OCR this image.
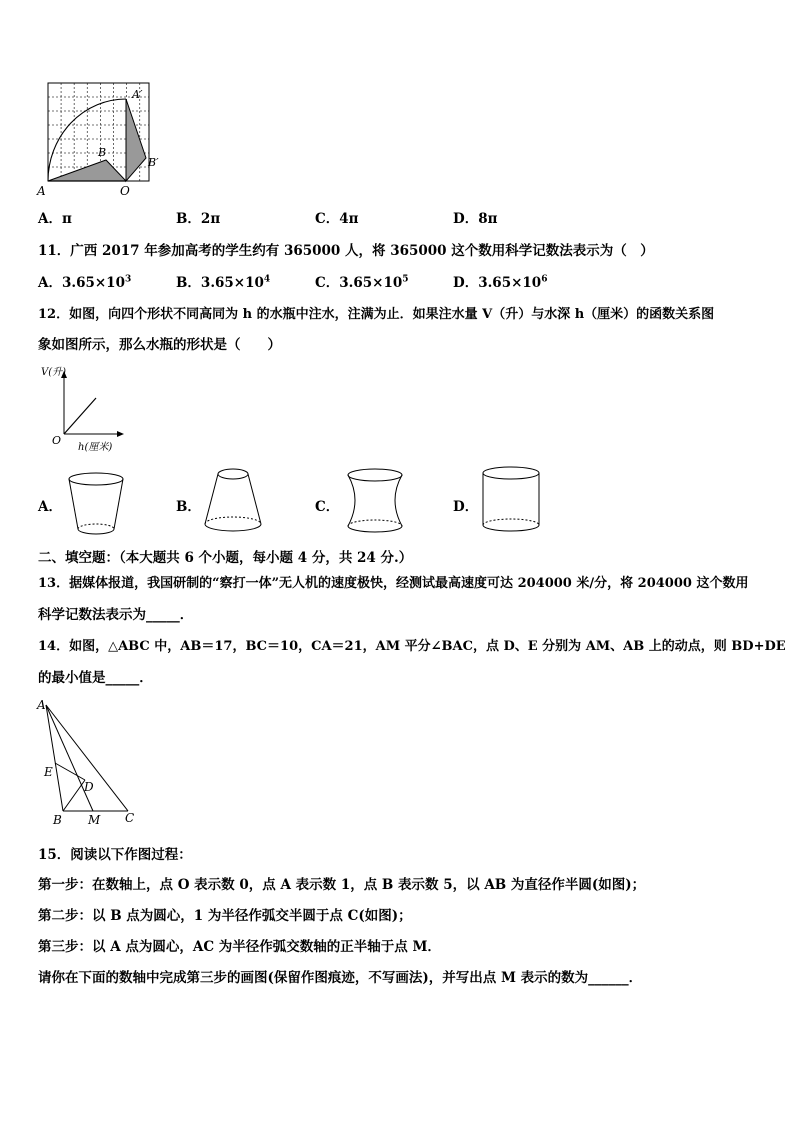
A	O
B
A′
B′
A．π	B．2π	C．4π	D．8π
11．广西 2017 年参加高考的学生约有 365000 人，将 365000 这个数用科学记数法表示为（　）
A．$3.65\times 10^3$	B．$3.65\times 10^4$	C．$3.65\times 10^5$	D．$3.65\times 10^6$
12．如图，向四个形状不同高同为 h 的水瓶中注水，注满为止．如果注水量 V（升）与水深 h（厘米）的函数关系图
象如图所示，那么水瓶的形状是（　　）
V(升)
O
h(厘米)
A．	B．	C．	D．
二、填空题：（本大题共 6 个小题，每小题 4 分，共 24 分.）
13．据媒体报道，我国研制的“察打一体”无人机的速度极快，经测试最高速度可达 204000 米/分，将 204000 这个数用
科学记数法表示为_____．
14．如图，△ABC 中，AB＝17，BC＝10，CA＝21，AM 平分∠BAC，点 D、E 分别为 AM、AB 上的动点，则 BD+DE
的最小值是_____．
A
E
D
B M C
15．阅读以下作图过程：
第一步：在数轴上，点 O 表示数 0，点 A 表示数 1，点 B 表示数 5，以 AB 为直径作半圆(如图)；
第二步：以 B 点为圆心，1 为半径作弧交半圆于点 C(如图)；
第三步：以 A 点为圆心，AC 为半径作弧交数轴的正半轴于点 M．
请你在下面的数轴中完成第三步的画图(保留作图痕迹，不写画法)，并写出点 M 表示的数为______．
